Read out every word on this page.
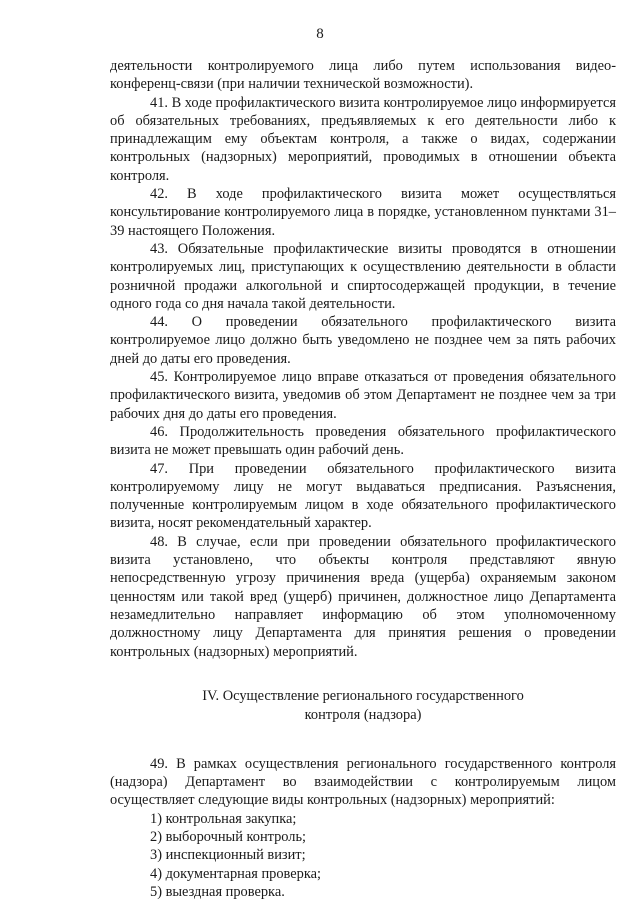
8

деятельности контролируемого лица либо путем использования видео-конференц-связи (при наличии технической возможности).

41. В ходе профилактического визита контролируемое лицо информируется об обязательных требованиях, предъявляемых к его деятельности либо к принадлежащим ему объектам контроля, а также о видах, содержании контрольных (надзорных) мероприятий, проводимых в отношении объекта контроля.

42. В ходе профилактического визита может осуществляться консультирование контролируемого лица в порядке, установленном пунктами 31–39 настоящего Положения.

43. Обязательные профилактические визиты проводятся в отношении контролируемых лиц, приступающих к осуществлению деятельности в области розничной продажи алкогольной и спиртосодержащей продукции, в течение одного года со дня начала такой деятельности.

44. О проведении обязательного профилактического визита контролируемое лицо должно быть уведомлено не позднее чем за пять рабочих дней до даты его проведения.

45. Контролируемое лицо вправе отказаться от проведения обязательного профилактического визита, уведомив об этом Департамент не позднее чем за три рабочих дня до даты его проведения.

46. Продолжительность проведения обязательного профилактического визита не может превышать один рабочий день.

47. При проведении обязательного профилактического визита контролируемому лицу не могут выдаваться предписания. Разъяснения, полученные контролируемым лицом в ходе обязательного профилактического визита, носят рекомендательный характер.

48. В случае, если при проведении обязательного профилактического визита установлено, что объекты контроля представляют явную непосредственную угрозу причинения вреда (ущерба) охраняемым законом ценностям или такой вред (ущерб) причинен, должностное лицо Департамента незамедлительно направляет информацию об этом уполномоченному должностному лицу Департамента для принятия решения о проведении контрольных (надзорных) мероприятий.

IV. Осуществление регионального государственного
контроля (надзора)

49. В рамках осуществления регионального государственного контроля (надзора) Департамент во взаимодействии с контролируемым лицом осуществляет следующие виды контрольных (надзорных) мероприятий:

1) контрольная закупка;
2) выборочный контроль;
3) инспекционный визит;
4) документарная проверка;
5) выездная проверка.
